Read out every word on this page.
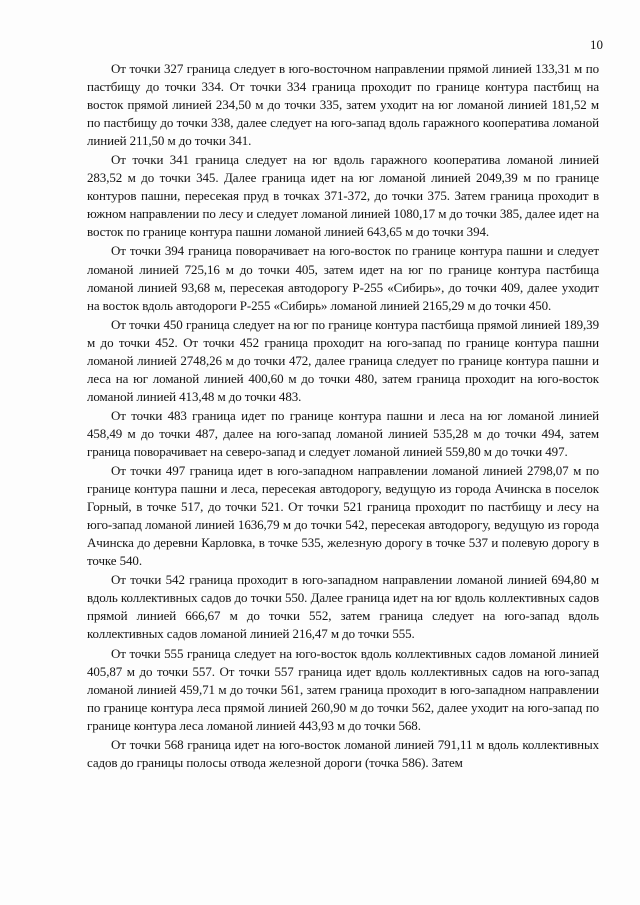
10

От точки 327 граница следует в юго-восточном направлении прямой линией 133,31 м по пастбищу до точки 334. От точки 334 граница проходит по границе контура пастбищ на восток прямой линией 234,50 м до точки 335, затем уходит на юг ломаной линией 181,52 м по пастбищу до точки 338, далее следует на юго-запад вдоль гаражного кооператива ломаной линией 211,50 м до точки 341.

От точки 341 граница следует на юг вдоль гаражного кооператива ломаной линией 283,52 м до точки 345. Далее граница идет на юг ломаной линией 2049,39 м по границе контуров пашни, пересекая пруд в точках 371-372, до точки 375. Затем граница проходит в южном направлении по лесу и следует ломаной линией 1080,17 м до точки 385, далее идет на восток по границе контура пашни ломаной линией 643,65 м до точки 394.

От точки 394 граница поворачивает на юго-восток по границе контура пашни и следует ломаной линией 725,16 м до точки 405, затем идет на юг по границе контура пастбища ломаной линией 93,68 м, пересекая автодорогу Р-255 «Сибирь», до точки 409, далее уходит на восток вдоль автодороги Р-255 «Сибирь» ломаной линией 2165,29 м до точки 450.

От точки 450 граница следует на юг по границе контура пастбища прямой линией 189,39 м до точки 452. От точки 452 граница проходит на юго-запад по границе контура пашни ломаной линией 2748,26 м до точки 472, далее граница следует по границе контура пашни и леса на юг ломаной линией 400,60 м до точки 480, затем граница проходит на юго-восток ломаной линией 413,48 м до точки 483.

От точки 483 граница идет по границе контура пашни и леса на юг ломаной линией 458,49 м до точки 487, далее на юго-запад ломаной линией 535,28 м до точки 494, затем граница поворачивает на северо-запад и следует ломаной линией 559,80 м до точки 497.

От точки 497 граница идет в юго-западном направлении ломаной линией 2798,07 м по границе контура пашни и леса, пересекая автодорогу, ведущую из города Ачинска в поселок Горный, в точке 517, до точки 521. От точки 521 граница проходит по пастбищу и лесу на юго-запад ломаной линией 1636,79 м до точки 542, пересекая автодорогу, ведущую из города Ачинска до деревни Карловка, в точке 535, железную дорогу в точке 537 и полевую дорогу в точке 540.

От точки 542 граница проходит в юго-западном направлении ломаной линией 694,80 м вдоль коллективных садов до точки 550. Далее граница идет на юг вдоль коллективных садов прямой линией 666,67 м до точки 552, затем граница следует на юго-запад вдоль коллективных садов ломаной линией 216,47 м до точки 555.

От точки 555 граница следует на юго-восток вдоль коллективных садов ломаной линией 405,87 м до точки 557. От точки 557 граница идет вдоль коллективных садов на юго-запад ломаной линией 459,71 м до точки 561, затем граница проходит в юго-западном направлении по границе контура леса прямой линией 260,90 м до точки 562, далее уходит на юго-запад по границе контура леса ломаной линией 443,93 м до точки 568.

От точки 568 граница идет на юго-восток ломаной линией 791,11 м вдоль коллективных садов до границы полосы отвода железной дороги (точка 586). Затем
